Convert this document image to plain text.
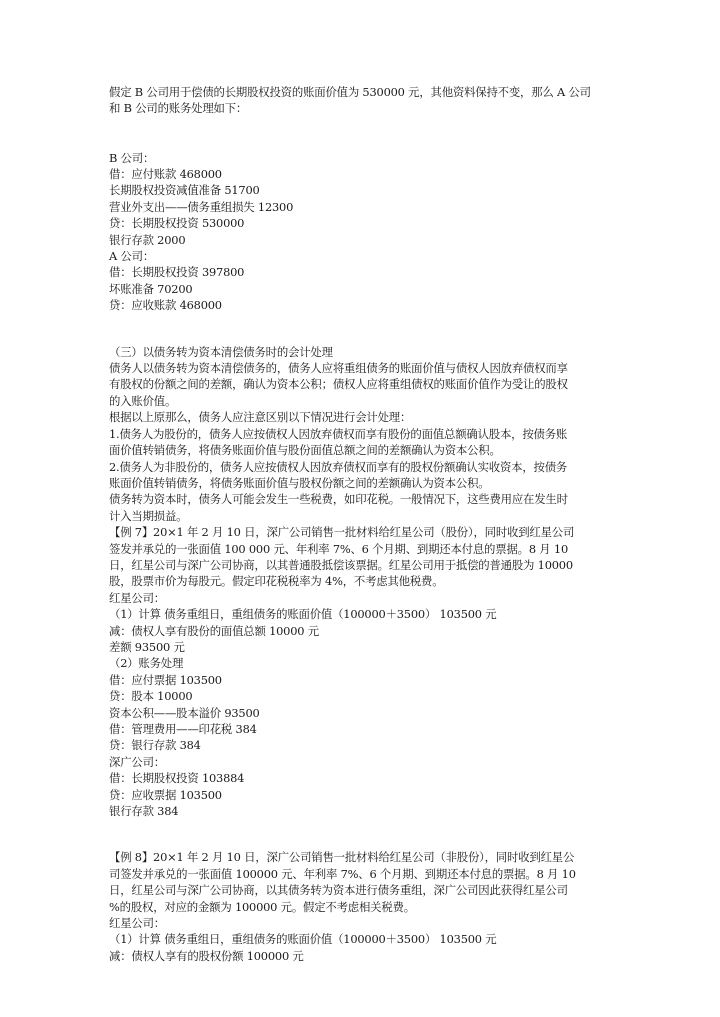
假定 B 公司用于偿债的长期股权投资的账面价值为 530000 元，其他资料保持不变，那么 A 公司
和 B 公司的账务处理如下：
B 公司：
借：应付账款 468000
长期股权投资减值准备 51700
营业外支出——债务重组损失 12300
贷：长期股权投资 530000
银行存款 2000
A 公司：
借：长期股权投资 397800
坏账准备 70200
贷：应收账款 468000
（三）以债务转为资本清偿债务时的会计处理
债务人以债务转为资本清偿债务的，债务人应将重组债务的账面价值与债权人因放弃债权而享
有股权的份额之间的差额，确认为资本公积；债权人应将重组债权的账面价值作为受让的股权
的入账价值。
根据以上原那么，债务人应注意区别以下情况进行会计处理：
1.债务人为股份的，债务人应按债权人因放弃债权而享有股份的面值总额确认股本，按债务账
面价值转销债务，将债务账面价值与股份面值总额之间的差额确认为资本公积。
2.债务人为非股份的，债务人应按债权人因放弃债权而享有的股权份额确认实收资本，按债务
账面价值转销债务，将债务账面价值与股权份额之间的差额确认为资本公积。
债务转为资本时，债务人可能会发生一些税费，如印花税。一般情况下，这些费用应在发生时
计入当期损益。
【例 7】20×1 年 2 月 10 日，深广公司销售一批材料给红星公司（股份），同时收到红星公司
签发并承兑的一张面值 100 000 元、年利率 7%、6 个月期、到期还本付息的票据。8 月 10
日，红星公司与深广公司协商，以其普通股抵偿该票据。红星公司用于抵偿的普通股为 10000
股，股票市价为每股元。假定印花税税率为 4%，不考虑其他税费。
红星公司：
（1）计算 债务重组日，重组债务的账面价值（100000＋3500） 103500 元
减：债权人享有股份的面值总额 10000 元
差额 93500 元
（2）账务处理
借：应付票据 103500
贷：股本 10000
资本公积——股本溢价 93500
借：管理费用——印花税 384
贷：银行存款 384
深广公司：
借：长期股权投资 103884
贷：应收票据 103500
银行存款 384
【例 8】20×1 年 2 月 10 日，深广公司销售一批材料给红星公司（非股份），同时收到红星公
司签发并承兑的一张面值 100000 元、年利率 7%、6 个月期、到期还本付息的票据。8 月 10
日，红星公司与深广公司协商，以其债务转为资本进行债务重组，深广公司因此获得红星公司
%的股权，对应的金额为 100000 元。假定不考虑相关税费。
红星公司：
（1）计算 债务重组日，重组债务的账面价值（100000＋3500） 103500 元
减：债权人享有的股权份额 100000 元
